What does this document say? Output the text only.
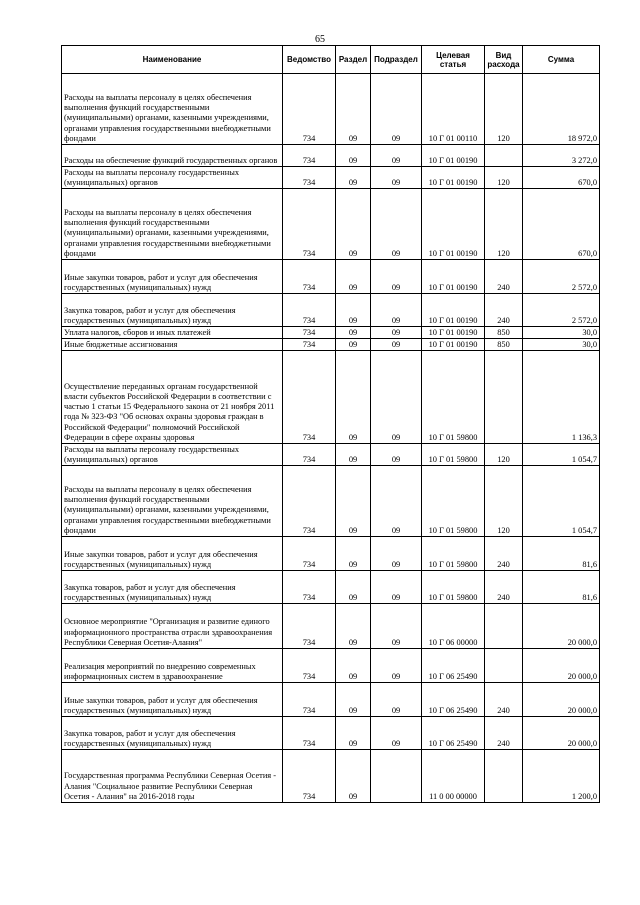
65
Наименование	Ведомство	Раздел	Подраздел	Целевая статья	Вид расхода	Сумма
Расходы на выплаты персоналу в целях обеспечения выполнения функций государственными (муниципальными) органами, казенными учреждениями, органами управления государственными внебюджетными фондами	734	09	09	10 Г 01 00110	120	18 972,0
Расходы на обеспечение функций государственных органов	734	09	09	10 Г 01 00190		3 272,0
Расходы на выплаты персоналу государственных (муниципальных) органов	734	09	09	10 Г 01 00190	120	670,0
Расходы на выплаты персоналу в целях обеспечения выполнения функций государственными (муниципальными) органами, казенными учреждениями, органами управления государственными внебюджетными фондами	734	09	09	10 Г 01 00190	120	670,0
Иные закупки товаров, работ и услуг для обеспечения государственных (муниципальных) нужд	734	09	09	10 Г 01 00190	240	2 572,0
Закупка товаров, работ и услуг для обеспечения государственных (муниципальных) нужд	734	09	09	10 Г 01 00190	240	2 572,0
Уплата налогов, сборов и иных платежей	734	09	09	10 Г 01 00190	850	30,0
Иные бюджетные ассигнования	734	09	09	10 Г 01 00190	850	30,0
Осуществление переданных органам государственной власти субъектов Российской Федерации в соответствии с частью 1 статьи 15 Федерального закона от 21 ноября 2011 года № 323-ФЗ "Об основах охраны здоровья граждан в Российской Федерации" полномочий Российской Федерации в сфере охраны здоровья	734	09	09	10 Г 01 59800		1 136,3
Расходы на выплаты персоналу государственных (муниципальных) органов	734	09	09	10 Г 01 59800	120	1 054,7
Расходы на выплаты персоналу в целях обеспечения выполнения функций государственными (муниципальными) органами, казенными учреждениями, органами управления государственными внебюджетными фондами	734	09	09	10 Г 01 59800	120	1 054,7
Иные закупки товаров, работ и услуг для обеспечения государственных (муниципальных) нужд	734	09	09	10 Г 01 59800	240	81,6
Закупка товаров, работ и услуг для обеспечения государственных (муниципальных) нужд	734	09	09	10 Г 01 59800	240	81,6
Основное мероприятие "Организация и развитие единого информационного пространства отрасли здравоохранения Республики Северная Осетия-Алания"	734	09	09	10 Г 06 00000		20 000,0
Реализация мероприятий по внедрению современных информационных систем в здравоохранение	734	09	09	10 Г 06 25490		20 000,0
Иные закупки товаров, работ и услуг для обеспечения государственных (муниципальных) нужд	734	09	09	10 Г 06 25490	240	20 000,0
Закупка товаров, работ и услуг для обеспечения государственных (муниципальных) нужд	734	09	09	10 Г 06 25490	240	20 000,0
Государственная программа Республики Северная Осетия - Алания "Социальное развитие Республики Северная Осетия - Алания" на 2016-2018 годы	734	09		11 0 00 00000		1 200,0
